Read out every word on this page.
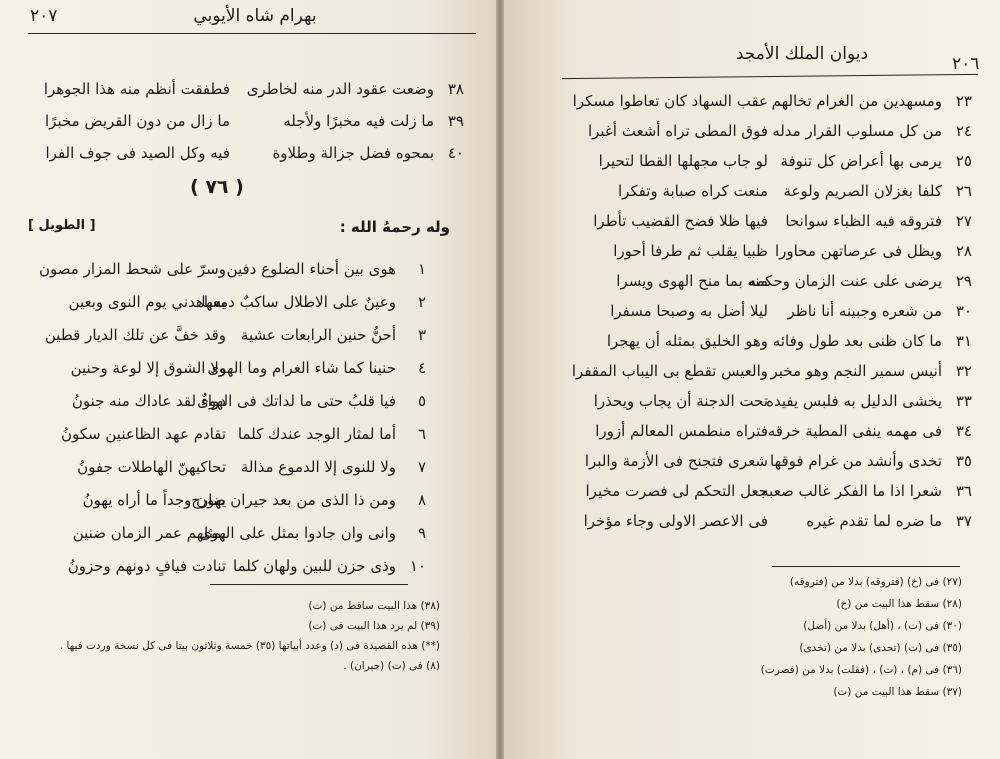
٢٠٧	بهرام شاه الأيوبي
٣٨
وضعت عقود الدر منه لخاطرى
فطفقت أنظم منه هذا الجوهرا
٣٩
ما زلت فيه مخبرًا ولأجله
ما زال من دون القريض مخبرًا
٤٠
بمحوه فضل جزالة وطلاوة
فيه وكل الصيد فى جوف الفرا
( ٧٦ )
وله رحمهُ الله :
[ الطويل ]
١
هوى بين أحناء الضلوع دفين
وسرّ على شحط المزار مصون
٢
وعينٌ على الاطلال ساكبٌ دمعها
يساهدني يوم النوى وبعين
٣
أحنُّ حنين الرابعات عشية
وقد خفَّ عن تلك الديار قطين
٤
حنينا كما شاء الغرام وما الهوى
ولا الشوق إلا لوعة وحنين
٥
فيا قلبُ حتى ما لداتك فى الهوى
دواءٌ لقد عاداك منه جنونُ
٦
أما لمثار الوجد عندك كلما
تقادم عهد الظاعنين سكونُ
٧
ولا للنوى إلا الدموع مذالة
تحاكيهنّ الهاطلات جفونُ
٨
ومن ذا الذى من بعد جيران ضارج
يهون وجداً ما أراه يهونُ
٩
وانى وان جادوا بمثل على الهوى
بمثلهم عمر الزمان ضنين
١٠
وذى حزن للبين ولهان كلما
تنادت فيافٍ دونهم وحزونُ
(٣٨) هذا البيت ساقط من (ت)
(٣٩) لم يرد هذا البيت فى (ت)
(**) هذه القصيدة فى (د) وعدد أبياتها (٣٥) خمسة وثلاثون بيتا فى كل نسخة وردت فيها .
(٨) فى (ت) (جيران) .
٢٠٦
ديوان الملك الأمجد
٢٣
ومسهدين من الغرام تخالهم
عقب السهاد كان تعاطوا مسكرا
٢٤
من كل مسلوب القرار مدله
فوق المطى تراه أشعث أغبرا
٢٥
يرمى بها أعراض كل تنوفة
لو جاب مجهلها القطا لتحيرا
٢٦
كلفا بغزلان الصريم ولوعة
منعت كراه صبابة وتفكرا
٢٧
فتروقه فيه الظباء سوانحا
فيها ظلا فضح القضيب تأطرا
٢٨
ويظل فى عرصاتهن محاورا
ظبيا يقلب ثم طرفا أحورا
٢٩
يرضى على عنت الزمان وحكمه
منه بما منح الهوى ويسرا
٣٠
من شعره وجبينه أنا ناظر
ليلا أضل به وصبحا مسفرا
٣١
ما كان ظنى بعد طول وفائه
وهو الخليق بمثله أن يهجرا
٣٢
أنيس سمير النجم وهو مخبر
والعيس تقطع بى اليباب المقفرا
٣٣
يخشى الدليل به فلبس يفيده
تحت الدجنة أن يجاب ويحذرا
٣٤
فى مهمه ينفى المطية خرقه
فتراه منطمس المعالم أزورا
٣٥
تخدى وأنشد من غرام فوقها
شعرى فتجنح فى الأزمة والبرا
٣٦
شعرا اذا ما الفكر غالب صعبه
جعل التحكم لى فصرت مخيرا
٣٧
ما ضره لما تقدم غيره
فى الاعصر الاولى وجاء مؤخرا
(٢٧) فى (خ) (فتروقه) بدلا من (فتروقه)
(٢٨) سقط هذا البيت من (خ)
(٣٠) فى (ت) ، (أهل) بدلا من (أضل)
(٣٥) فى (ت) (تحدى) بدلا من (تخدى)
(٣٦) فى (م) ، (ت) ، (فقلت) بدلا من (فصرت)
(٣٧) سقط هذا البيت من (ت)
